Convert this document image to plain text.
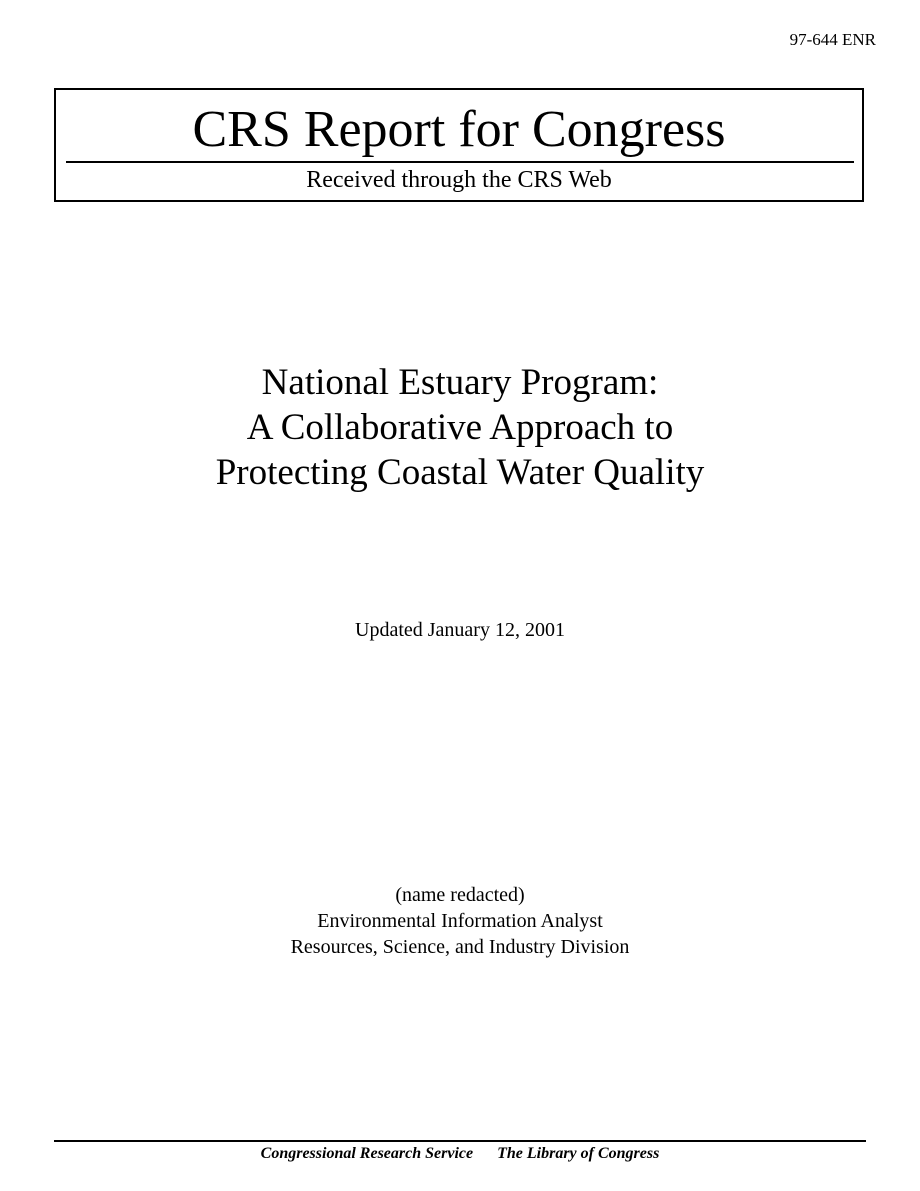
97-644 ENR
CRS Report for Congress
Received through the CRS Web
National Estuary Program:
A Collaborative Approach to
Protecting Coastal Water Quality
Updated January 12, 2001
(name redacted)
Environmental Information Analyst
Resources, Science, and Industry Division
Congressional Research Service The Library of Congress
